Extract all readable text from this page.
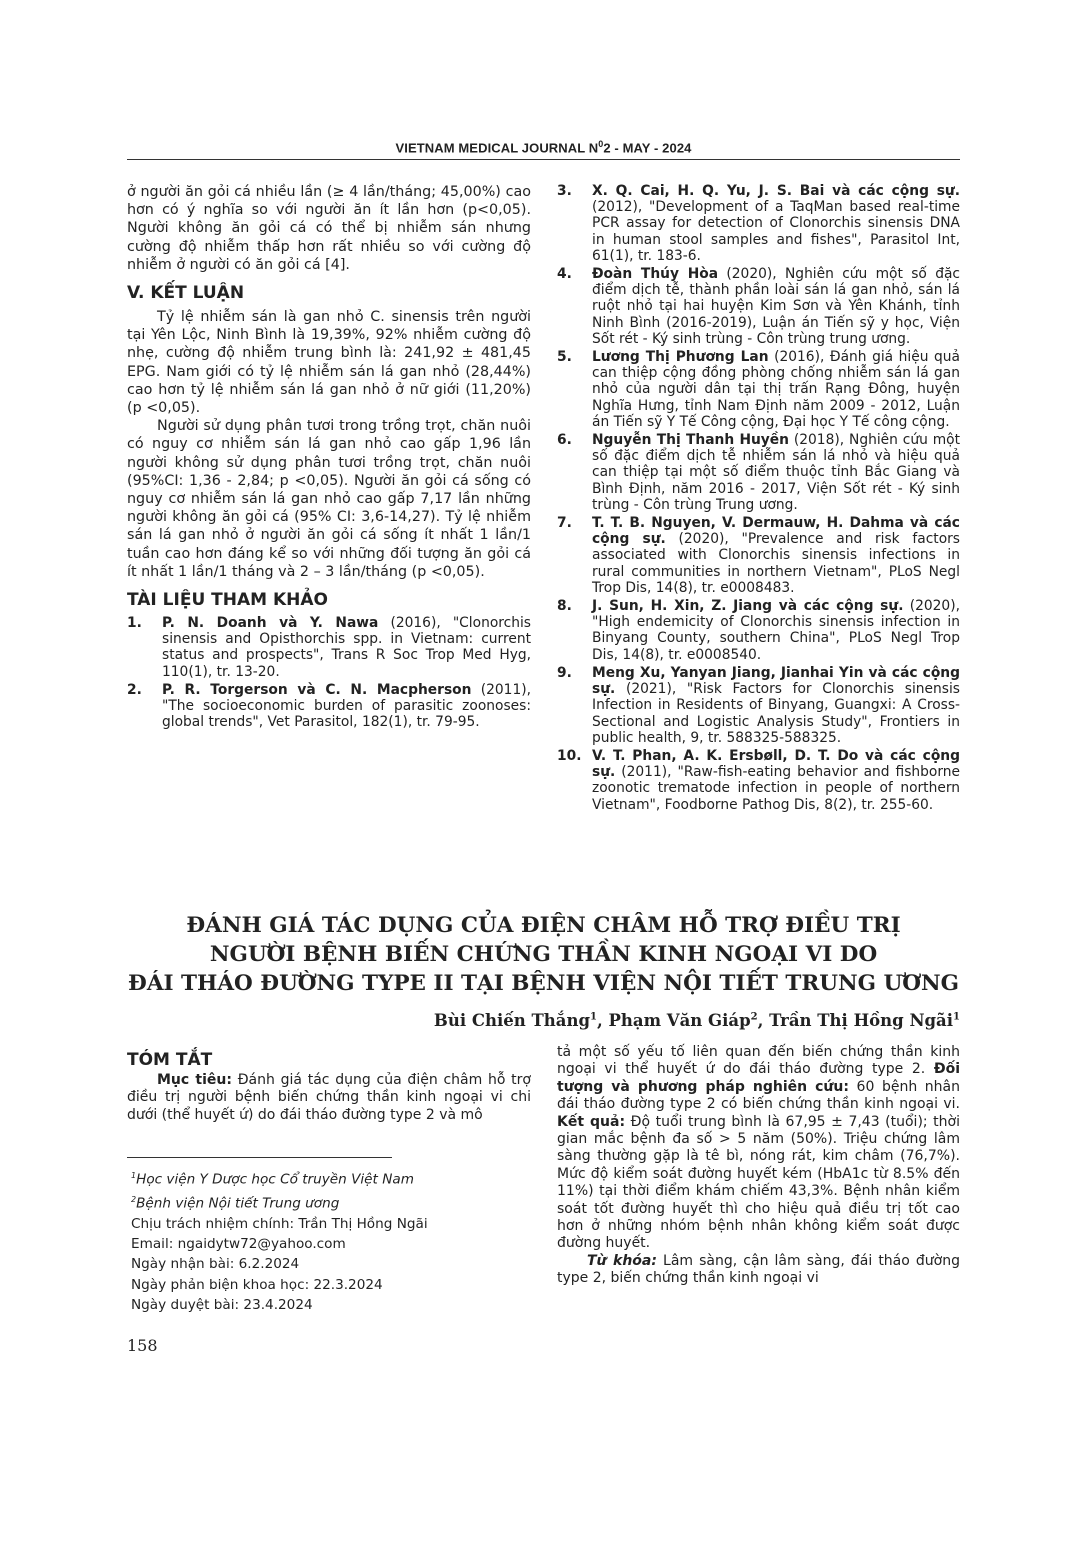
VIETNAM MEDICAL JOURNAL $N^02$ - MAY - 2024

ở người ăn gỏi cá nhiều lần (≥ 4 lần/tháng; 45,00%) cao hơn có ý nghĩa so với người ăn ít lần hơn (p<0,05). Người không ăn gỏi cá có thể bị nhiễm sán nhưng cường độ nhiễm thấp hơn rất nhiều so với cường độ nhiễm ở người có ăn gỏi cá [4].

V. KẾT LUẬN

Tỷ lệ nhiễm sán là gan nhỏ C. sinensis trên người tại Yên Lộc, Ninh Bình là 19,39%, 92% nhiễm cường độ nhẹ, cường độ nhiễm trung bình là: 241,92 ± 481,45 EPG. Nam giới có tỷ lệ nhiễm sán lá gan nhỏ (28,44%) cao hơn tỷ lệ nhiễm sán lá gan nhỏ ở nữ giới (11,20%) (p <0,05).

Người sử dụng phân tươi trong trồng trọt, chăn nuôi có nguy cơ nhiễm sán lá gan nhỏ cao gấp 1,96 lần người không sử dụng phân tươi trồng trọt, chăn nuôi (95%CI: 1,36 - 2,84; p <0,05). Người ăn gỏi cá sống có nguy cơ nhiễm sán lá gan nhỏ cao gấp 7,17 lần những người không ăn gỏi cá (95% CI: 3,6-14,27). Tỷ lệ nhiễm sán lá gan nhỏ ở người ăn gỏi cá sống ít nhất 1 lần/1 tuần cao hơn đáng kể so với những đối tượng ăn gỏi cá ít nhất 1 lần/1 tháng và 2 – 3 lần/tháng (p <0,05).

TÀI LIỆU THAM KHẢO
1. P. N. Doanh và Y. Nawa (2016), "Clonorchis sinensis and Opisthorchis spp. in Vietnam: current status and prospects", Trans R Soc Trop Med Hyg, 110(1), tr. 13-20.
2. P. R. Torgerson và C. N. Macpherson (2011), "The socioeconomic burden of parasitic zoonoses: global trends", Vet Parasitol, 182(1), tr. 79-95.
3. X. Q. Cai, H. Q. Yu, J. S. Bai và các cộng sự. (2012), "Development of a TaqMan based real-time PCR assay for detection of Clonorchis sinensis DNA in human stool samples and fishes", Parasitol Int, 61(1), tr. 183-6.
4. Đoàn Thúy Hòa (2020), Nghiên cứu một số đặc điểm dịch tễ, thành phần loài sán lá gan nhỏ, sán lá ruột nhỏ tại hai huyện Kim Sơn và Yên Khánh, tỉnh Ninh Bình (2016-2019), Luận án Tiến sỹ y học, Viện Sốt rét - Ký sinh trùng - Côn trùng trung ương.
5. Lương Thị Phương Lan (2016), Đánh giá hiệu quả can thiệp cộng đồng phòng chống nhiễm sán lá gan nhỏ của người dân tại thị trấn Rạng Đông, huyện Nghĩa Hưng, tỉnh Nam Định năm 2009 - 2012, Luận án Tiến sỹ Y Tế Công cộng, Đại học Y Tế công cộng.
6. Nguyễn Thị Thanh Huyền (2018), Nghiên cứu một số đặc điểm dịch tễ nhiễm sán lá nhỏ và hiệu quả can thiệp tại một số điểm thuộc tỉnh Bắc Giang và Bình Định, năm 2016 - 2017, Viện Sốt rét - Ký sinh trùng - Côn trùng Trung ương.
7. T. T. B. Nguyen, V. Dermauw, H. Dahma và các cộng sự. (2020), "Prevalence and risk factors associated with Clonorchis sinensis infections in rural communities in northern Vietnam", PLoS Negl Trop Dis, 14(8), tr. e0008483.
8. J. Sun, H. Xin, Z. Jiang và các cộng sự. (2020), "High endemicity of Clonorchis sinensis infection in Binyang County, southern China", PLoS Negl Trop Dis, 14(8), tr. e0008540.
9. Meng Xu, Yanyan Jiang, Jianhai Yin và các cộng sự. (2021), "Risk Factors for Clonorchis sinensis Infection in Residents of Binyang, Guangxi: A Cross-Sectional and Logistic Analysis Study", Frontiers in public health, 9, tr. 588325-588325.
10. V. T. Phan, A. K. Ersbøll, D. T. Do và các cộng sự. (2011), "Raw-fish-eating behavior and fishborne zoonotic trematode infection in people of northern Vietnam", Foodborne Pathog Dis, 8(2), tr. 255-60.
ĐÁNH GIÁ TÁC DỤNG CỦA ĐIỆN CHÂM HỖ TRỢ ĐIỀU TRỊ
NGƯỜI BỆNH BIẾN CHỨNG THẦN KINH NGOẠI VI DO
ĐÁI THÁO ĐƯỜNG TYPE II TẠI BỆNH VIỆN NỘI TIẾT TRUNG ƯƠNG
Bùi Chiến Thắng$^1$, Phạm Văn Giáp$^2$, Trần Thị Hồng Ngãi$^1$
TÓM TẮT

Mục tiêu: Đánh giá tác dụng của điện châm hỗ trợ điều trị người bệnh biến chứng thần kinh ngoại vi chi dưới (thể huyết ứ) do đái tháo đường type 2 và mô

tả một số yếu tố liên quan đến biến chứng thần kinh ngoại vi thể huyết ứ do đái tháo đường type 2. Đối tượng và phương pháp nghiên cứu: 60 bệnh nhân đái tháo đường type 2 có biến chứng thần kinh ngoại vi. Kết quả: Độ tuổi trung bình là 67,95 ± 7,43 (tuổi); thời gian mắc bệnh đa số > 5 năm (50%). Triệu chứng lâm sàng thường gặp là tê bì, nóng rát, kim châm (76,7%). Mức độ kiểm soát đường huyết kém (HbA1c từ 8.5% đến 11%) tại thời điểm khám chiếm 43,3%. Bệnh nhân kiểm soát tốt đường huyết thì cho hiệu quả điều trị tốt cao hơn ở những nhóm bệnh nhân không kiểm soát được đường huyết.

Từ khóa: Lâm sàng, cận lâm sàng, đái tháo đường type 2, biến chứng thần kinh ngoại vi

$^1$Học viện Y Dược học Cổ truyền Việt Nam
$^2$Bệnh viện Nội tiết Trung ương
Chịu trách nhiệm chính: Trần Thị Hồng Ngãi
Email: ngaidytw72@yahoo.com
Ngày nhận bài: 6.2.2024
Ngày phản biện khoa học: 22.3.2024
Ngày duyệt bài: 23.4.2024
158
